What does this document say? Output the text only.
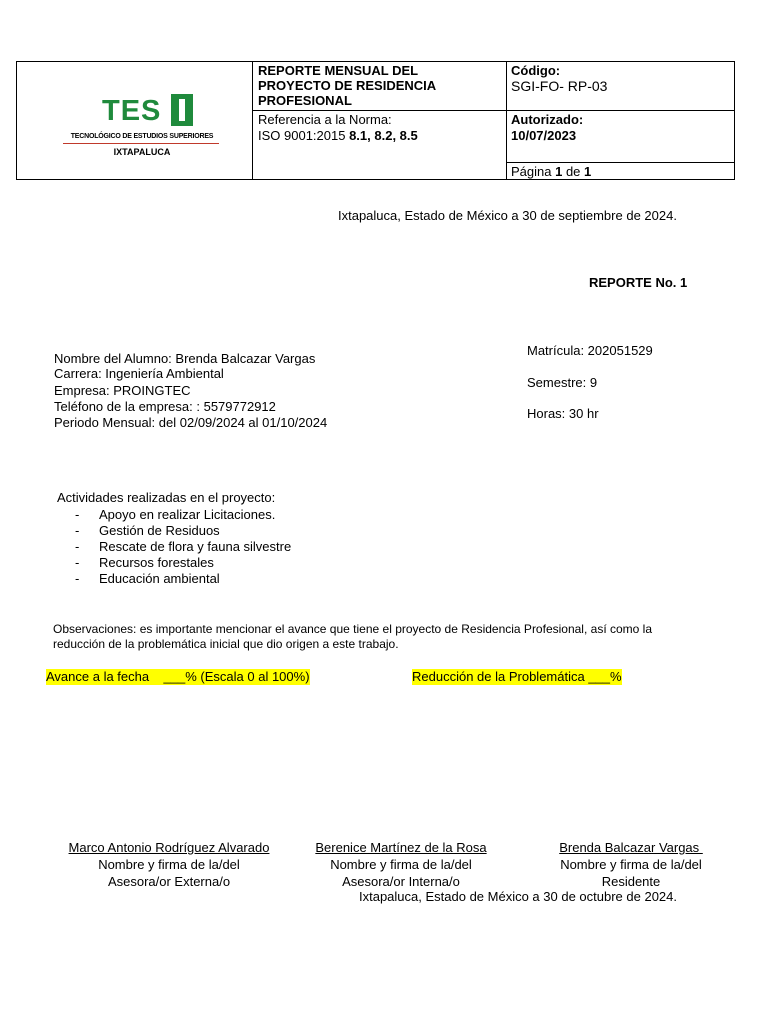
TES
TECNOLÓGICO DE ESTUDIOS SUPERIORES
IXTAPALUCA
REPORTE MENSUAL DEL
PROYECTO DE RESIDENCIA
PROFESIONAL
Código:
SGI-FO- RP-03
Referencia a la Norma:
ISO 9001:2015 8.1, 8.2, 8.5
Autorizado:
10/07/2023
Página 1 de 1
Ixtapaluca, Estado de México a 30 de septiembre de 2024.
REPORTE No. 1
Nombre del Alumno: Brenda Balcazar Vargas
Carrera: Ingeniería Ambiental
Empresa: PROINGTEC
Teléfono de la empresa: : 5579772912
Periodo Mensual: del 02/09/2024 al 01/10/2024
Matrícula: 202051529
Semestre: 9
Horas: 30 hr
Actividades realizadas en el proyecto:
- Apoyo en realizar Licitaciones.
- Gestión de Residuos
- Rescate de flora y fauna silvestre
- Recursos forestales
- Educación ambiental
Observaciones: es importante mencionar el avance que tiene el proyecto de Residencia Profesional, así como la
reducción de la problemática inicial que dio origen a este trabajo.
Avance a la fecha    ___% (Escala 0 al 100%)	Reducción de la Problemática ___%
Marco Antonio Rodríguez Alvarado
Nombre y firma de la/del
Asesora/or Externa/o
Berenice Martínez de la Rosa
Nombre y firma de la/del
Asesora/or Interna/o
Brenda Balcazar Vargas
Nombre y firma de la/del
Residente
Ixtapaluca, Estado de México a 30 de octubre de 2024.
